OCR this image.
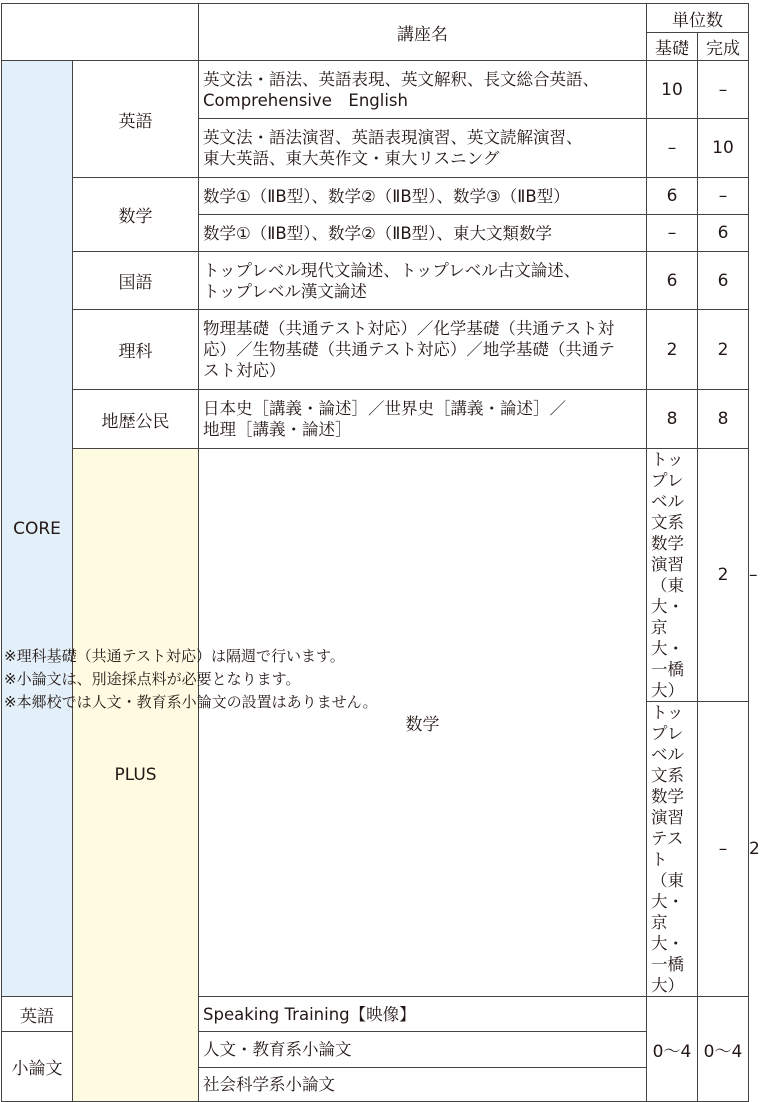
		講座名	単位数		
			基礎	完成	
CORE	英語	英文法・語法、英語表現、英文解釈、長文総合英語、
Comprehensive　English	10	–	

		英文法・語法演習、英語表現演習、英文読解演習、
東大英語、東大英作文・東大リスニング	–	10	
	数学	数学①（ⅡB型）、数学②（ⅡB型）、数学③（ⅡB型）	6	–	
		数学①（ⅡB型）、数学②（ⅡB型）、東大文類数学	–	6	
	国語	トップレベル現代文論述、トップレベル古文論述、
トップレベル漢文論述	6	6	
	理科	物理基礎（共通テスト対応）／化学基礎（共通テスト対
応）／生物基礎（共通テスト対応）／地学基礎（共通テ
スト対応）	2	2	
	地歴公民	日本史［講義・論述］／世界史［講義・論述］／
地理［講義・論述］	8	8	
	PLUS	数学	トップレベル文系数学演習（東大・京大・一橋大）	2	–
			トップレベル文系数学演習テスト（東大・京大・一橋大）	–	2
英語		Speaking Training【映像】	0～4	0～4	
小論文		人文・教育系小論文			
		社会科学系小論文			
※理科基礎（共通テスト対応）は隔週で行います。
※小論文は、別途採点料が必要となります。
※本郷校では人文・教育系小論文の設置はありません。
